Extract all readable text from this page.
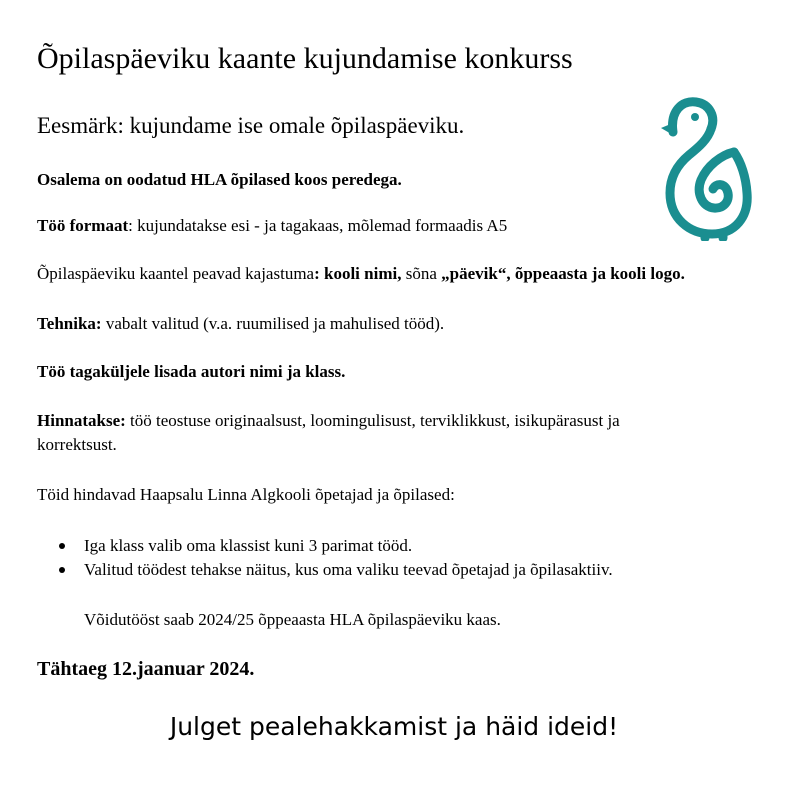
Õpilaspäeviku kaante kujundamise konkurss
Eesmärk: kujundame ise omale õpilaspäeviku.
Osalema on oodatud HLA õpilased koos peredega.
Töö formaat: kujundatakse esi - ja tagakaas, mõlemad formaadis A5
Õpilaspäeviku kaantel peavad kajastuma: kooli nimi, sõna „päevik“, õppeaasta ja kooli logo.
Tehnika: vabalt valitud (v.a. ruumilised ja mahulised tööd).
Töö tagaküljele lisada autori nimi ja klass.
Hinnatakse: töö teostuse originaalsust, loomingulisust, terviklikkust, isikupärasust ja
korrektsust.
Töid hindavad Haapsalu Linna Algkooli õpetajad ja õpilased:
Iga klass valib oma klassist kuni 3 parimat tööd.
Valitud töödest tehakse näitus, kus oma valiku teevad õpetajad ja õpilasaktiiv.
Võidutööst saab 2024/25 õppeaasta HLA õpilaspäeviku kaas.
Tähtaeg 12.jaanuar 2024.
Julget pealehakkamist ja häid ideid!
